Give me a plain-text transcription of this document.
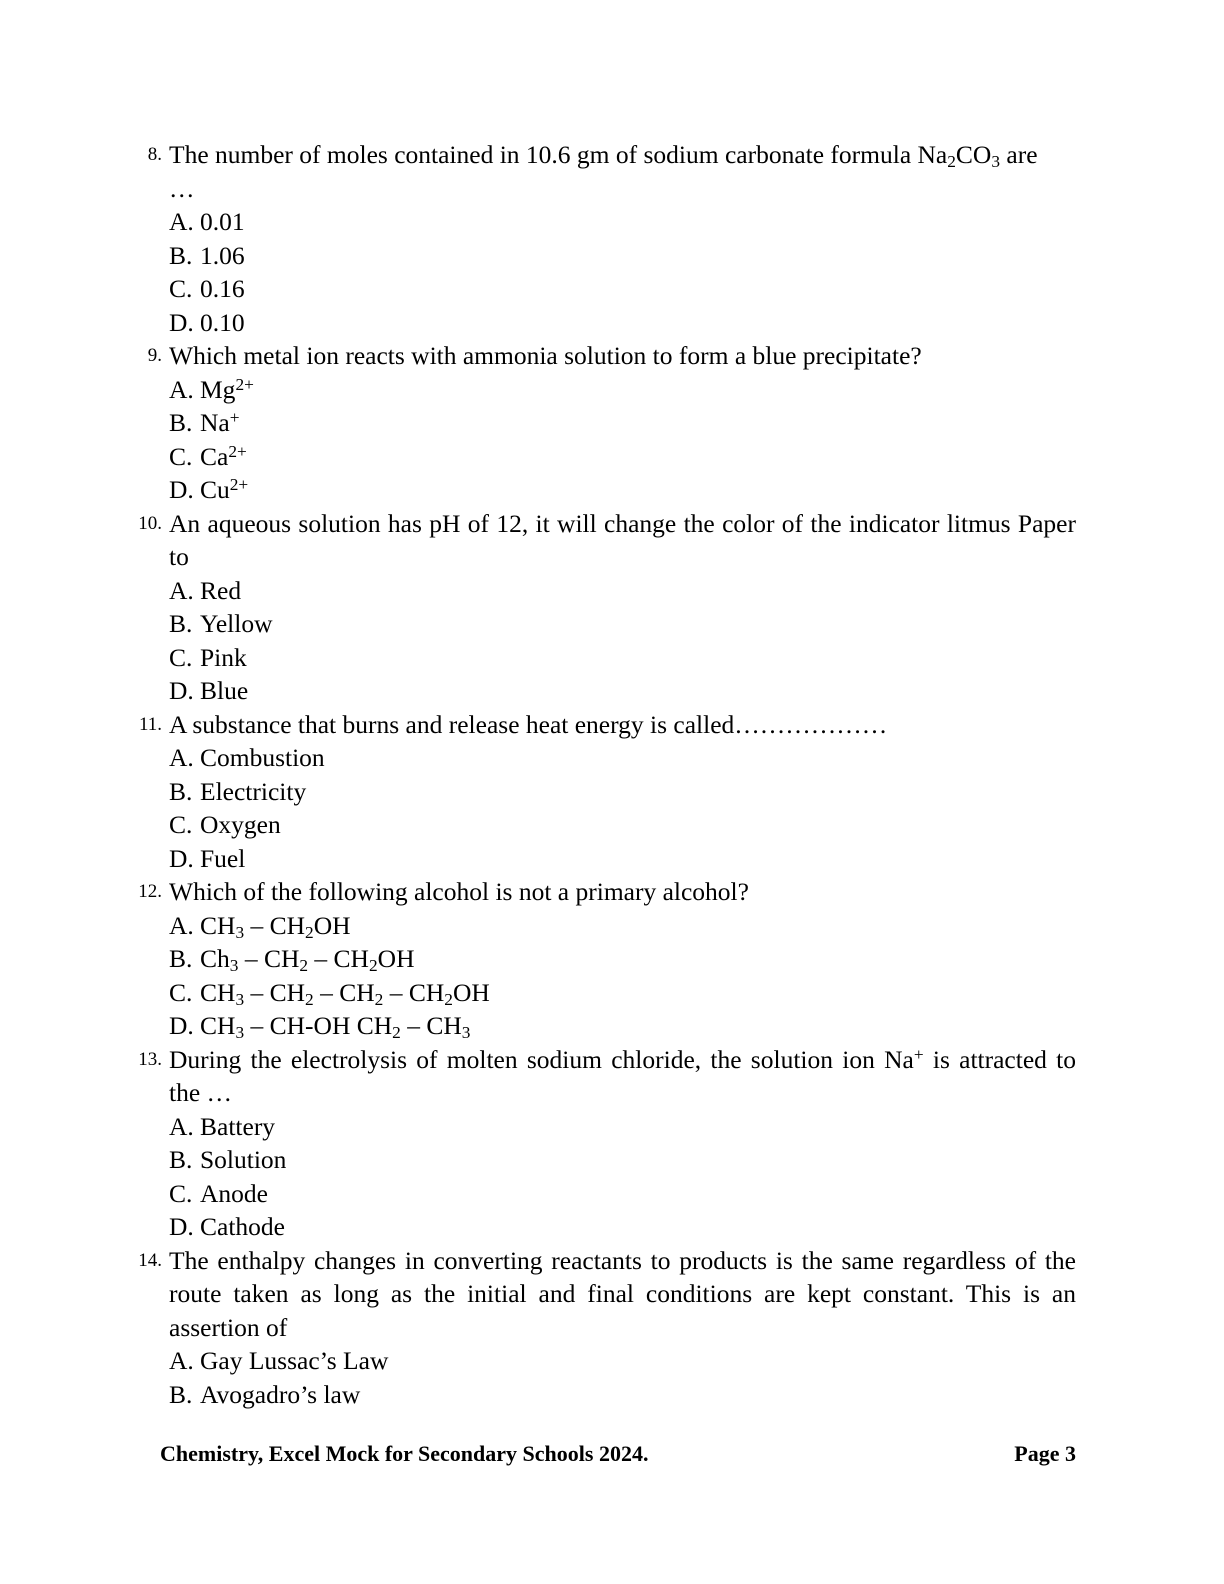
8. The number of moles contained in 10.6 gm of sodium carbonate formula $Na_2CO_3$ are

…

A. 0.01
B. 1.06
C. 0.16
D. 0.10
9. Which metal ion reacts with ammonia solution to form a blue precipitate?

A. $Mg^{2+}$
B. Na+
C. $Ca^{2+}$
D. $Cu^{2+}$
10. An aqueous solution has pH of 12, it will change the color of the indicator litmus Paper to

A. Red
B. Yellow
C. Pink
D. Blue
11. A substance that burns and release heat energy is called………………

A. Combustion
B. Electricity
C. Oxygen
D. Fuel
12. Which of the following alcohol is not a primary alcohol?

A. $CH_3 - CH_2OH$
B. $Ch_3 - CH_2 - CH_2OH$
C. $CH_3 - CH_2 - CH_2 - CH_2OH$
D. $CH_3 - CH-OH$ $CH_2 - CH_3$
13. During the electrolysis of molten sodium chloride, the solution ion Na+ is attracted to the …

A. Battery
B. Solution
C. Anode
D. Cathode
14. The enthalpy changes in converting reactants to products is the same regardless of the route taken as long as the initial and final conditions are kept constant. This is an assertion of

A. Gay Lussac’s Law
B. Avogadro’s law
Chemistry, Excel Mock for Secondary Schools 2024.	Page 3
